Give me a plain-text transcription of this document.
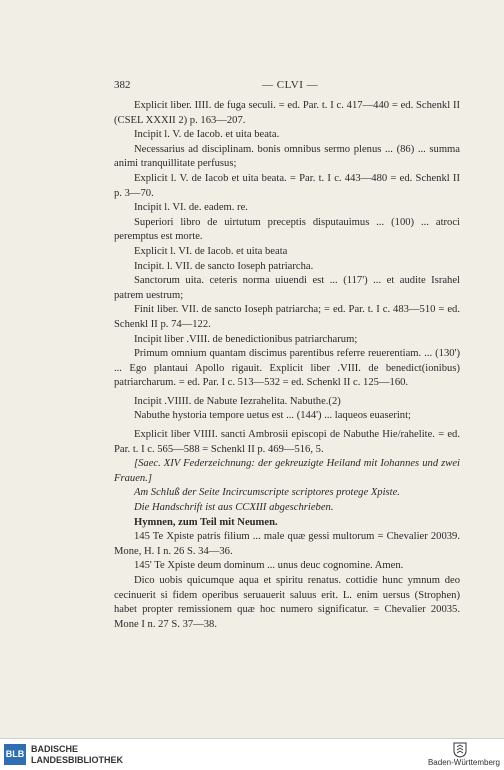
382	— CLVI —

Explicit liber. IIII. de fuga seculi. = ed. Par. t. I c. 417—440 = ed. Schenkl II (CSEL XXXII 2) p. 163—207.

Incipit l. V. de Iacob. et uita beata.

Necessarius ad disciplinam. bonis omnibus sermo plenus ... (86) ... summa animi tranquillitate perfusus;

Explicit l. V. de Iacob et uita beata. = Par. t. I c. 443—480 = ed. Schenkl II p. 3—70.

Incipit l. VI. de. eadem. re.

Superiori libro de uirtutum preceptis disputauimus ... (100) ... atroci peremptus est morte.

Explicit l. VI. de Iacob. et uita beata

Incipit. l. VII. de sancto Ioseph patriarcha.

Sanctorum uita. ceteris norma uiuendi est ... (117') ... et audite Israhel patrem uestrum;

Finit liber. VII. de sancto Ioseph patriarcha; = ed. Par. t. I c. 483—510 = ed. Schenkl II p. 74—122.

Incipit liber .VIII. de benedictionibus patriarcharum;

Primum omnium quantam discimus parentibus referre reuerentiam. ... (130') ... Ego plantaui Apollo rigauit. Explicit liber .VIII. de benedict(ionibus) patriarcharum. = ed. Par. I c. 513—532 = ed. Schenkl II c. 125—160.

Incipit .VIIII. de Nabute Iezrahelita. Nabuthe.(2)

Nabuthe hystoria tempore uetus est ... (144') ... laqueos euaserint;

Explicit liber VIIII. sancti Ambrosii episcopi de Nabuthe Hie/rahelite. = ed. Par. t. I c. 565—588 = Schenkl II p. 469—516, 5.

[Saec. XIV Federzeichnung: der gekreuzigte Heiland mit Iohannes und zwei Frauen.]

Am Schluß der Seite Incircumscripte scriptores protege Xpiste.

Die Handschrift ist aus CCXIII abgeschrieben.

Hymnen, zum Teil mit Neumen.

145 Te Xpiste patris filium ... male quæ gessi multorum = Chevalier 20039. Mone, H. I n. 26 S. 34—36.

145' Te Xpiste deum dominum ... unus deuc cognomine. Amen.

Dico uobis quicumque aqua et spiritu renatus. cottidie hunc ymnum deo cecinuerit si fidem operibus seruauerit saluus erit. L. enim uersus (Strophen) habet propter remissionem quæ hoc numero significatur. = Chevalier 20035. Mone I n. 27 S. 37—38.

BLB BADISCHE
LANDESBIBLIOTHEK	Baden-Württemberg
